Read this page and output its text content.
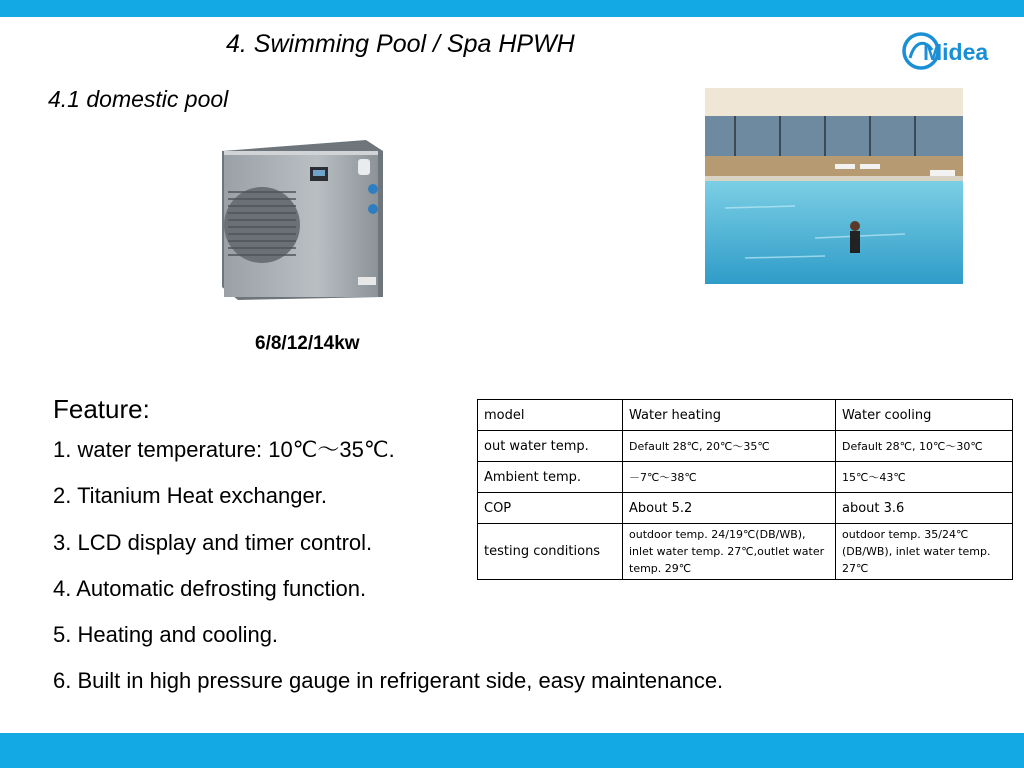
4. Swimming Pool / Spa HPWH
4.1 domestic pool
Midea
6/8/12/14kw
Feature:
1. water temperature: 10℃～35℃.
2. Titanium Heat exchanger.
3. LCD display and timer control.
4. Automatic defrosting function.
5. Heating and cooling.
6. Built in high pressure gauge in refrigerant side, easy maintenance.
model	Water heating	Water cooling
out water temp.	Default 28℃, 20℃～35℃	Default 28℃, 10℃～30℃
Ambient temp.	－7℃～38℃	15℃～43℃
COP	About 5.2	about 3.6
testing conditions	outdoor temp. 24/19℃(DB/WB), inlet water temp. 27℃,outlet water temp. 29℃	outdoor temp. 35/24℃(DB/WB), inlet water temp. 27℃
